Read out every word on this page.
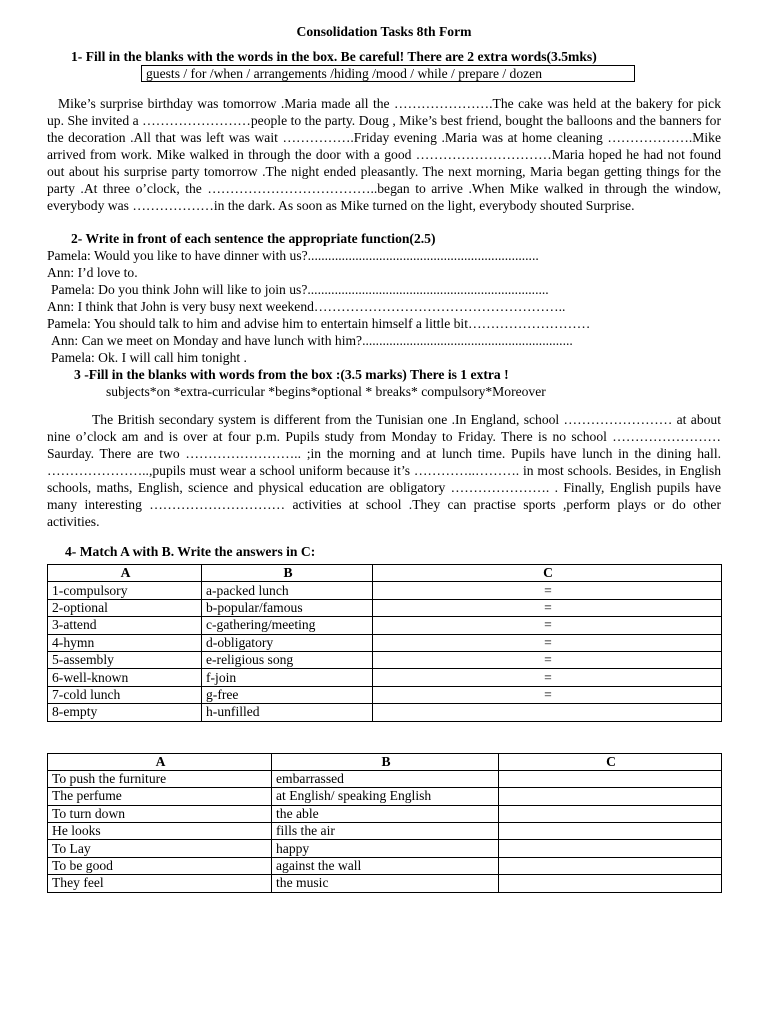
Consolidation Tasks 8th Form

1- Fill in the blanks with the words in the box. Be careful! There are 2 extra words(3.5mks)

guests / for /when / arrangements /hiding /mood / while / prepare / dozen

Mike’s surprise birthday was tomorrow .Maria made all the ………………….The cake was held at the bakery for pick up. She invited a ……………………people to the party. Doug , Mike’s best friend, bought the balloons and the banners for the decoration .All that was left was wait …………….Friday evening .Maria was at home cleaning ……………….Mike arrived from work. Mike walked in through the door with a good …………………………Maria hoped he had not found out about his surprise party tomorrow .The night ended pleasantly. The next morning, Maria began getting things for the party .At three o’clock, the ………………………………..began to arrive .When Mike walked in through the window, everybody was ………………in the dark. As soon as Mike turned on the light, everybody shouted Surprise.

2- Write in front of each sentence the appropriate function(2.5)

Pamela: Would you like to have dinner with us?....................................................................

Ann: I’d love to.

Pamela: Do you think John will like to join us?.......................................................................

Ann: I think that John is very busy next weekend………………………………………………..

Pamela: You should talk to him and advise him to entertain himself a little bit………………………

Ann: Can we meet on Monday and have lunch with him?..............................................................

Pamela: Ok. I will call him tonight .

3 -Fill in the blanks with words from the box :(3.5 marks) There is 1 extra !

subjects*on *extra-curricular *begins*optional * breaks* compulsory*Moreover

The British secondary system is different from the Tunisian one .In England, school …………………… at about nine o’clock am and is over at four p.m. Pupils study from Monday to Friday. There is no school ……………………Saurday. There are two …………………….. ;in the morning and at lunch time. Pupils have lunch in the dining hall. …………………..,pupils must wear a school uniform because it’s …………..………. in most schools. Besides, in English schools, maths, English, science and physical education are obligatory …………………. . Finally, English pupils have many interesting ………………………… activities at school .They can practise sports ,perform plays or do other activities.

4- Match A with B. Write the answers in C:

A	B	C
1-compulsory	a-packed lunch	=
2-optional	b-popular/famous	=
3-attend	c-gathering/meeting	=
4-hymn	d-obligatory	=
5-assembly	e-religious song	=
6-well-known	f-join	=
7-cold lunch	g-free	=
8-empty	h-unfilled	
A	B	C
To push the furniture	embarrassed	
The perfume	at English/ speaking English	
To turn down	the able	
He looks	fills the air	
To Lay	happy	
To be good	against the wall	
They feel	the music	
